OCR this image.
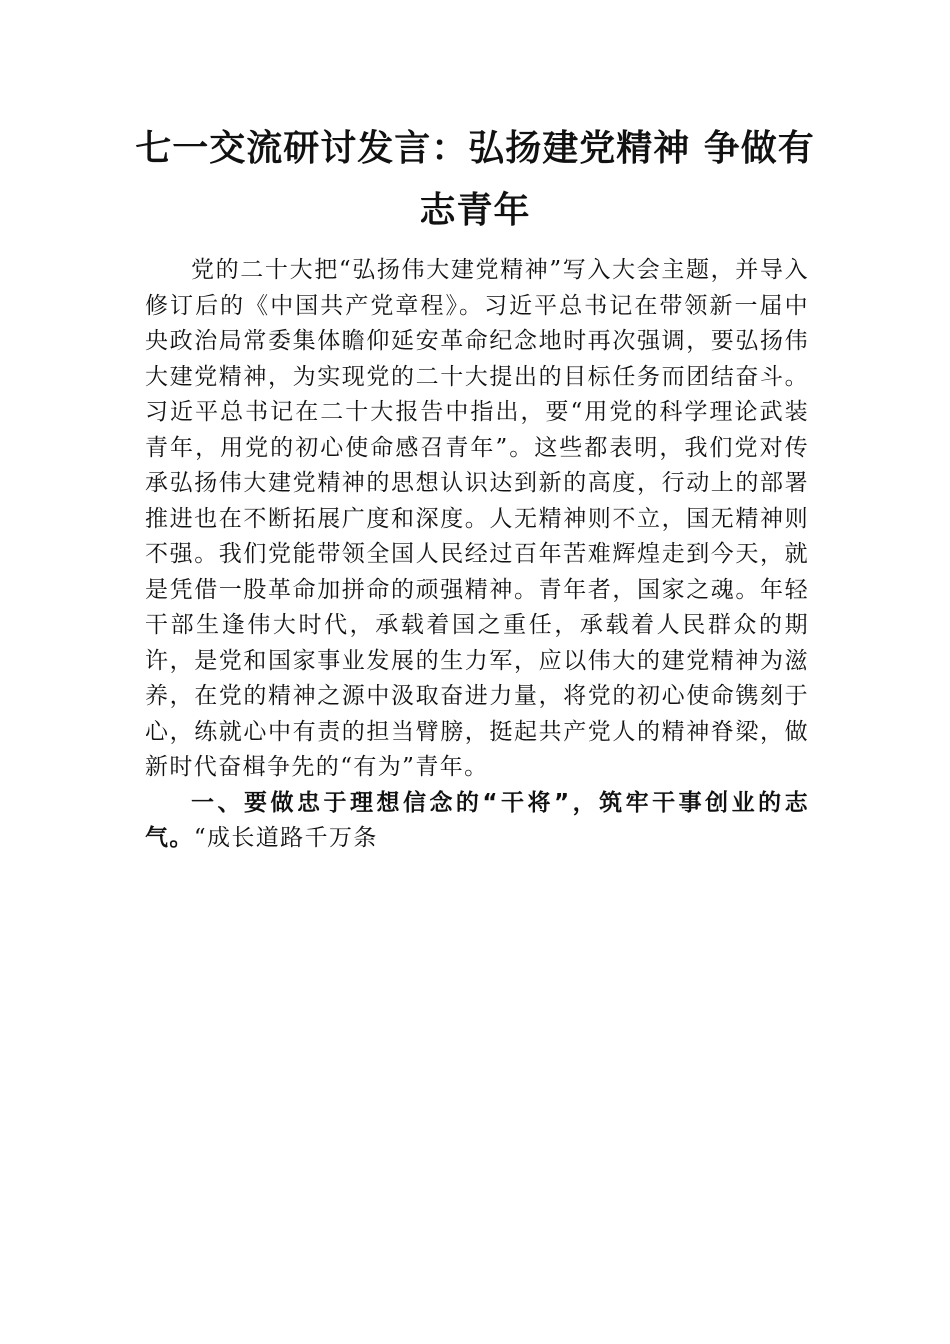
七一交流研讨发言：弘扬建党精神 争做有
志青年

党的二十大把“弘扬伟大建党精神”写入大会主题，并导入修订后的《中国共产党章程》。习近平总书记在带领新一届中央政治局常委集体瞻仰延安革命纪念地时再次强调，要弘扬伟大建党精神，为实现党的二十大提出的目标任务而团结奋斗。习近平总书记在二十大报告中指出，要“用党的科学理论武装青年，用党的初心使命感召青年”。这些都表明，我们党对传承弘扬伟大建党精神的思想认识达到新的高度，行动上的部署推进也在不断拓展广度和深度。人无精神则不立，国无精神则不强。我们党能带领全国人民经过百年苦难辉煌走到今天，就是凭借一股革命加拼命的顽强精神。青年者，国家之魂。年轻干部生逢伟大时代，承载着国之重任，承载着人民群众的期许，是党和国家事业发展的生力军，应以伟大的建党精神为滋养，在党的精神之源中汲取奋进力量，将党的初心使命镌刻于心，练就心中有责的担当臂膀，挺起共产党人的精神脊梁，做新时代奋楫争先的“有为”青年。

一、要做忠于理想信念的“干将”，筑牢干事创业的志气。“成长道路千万条
